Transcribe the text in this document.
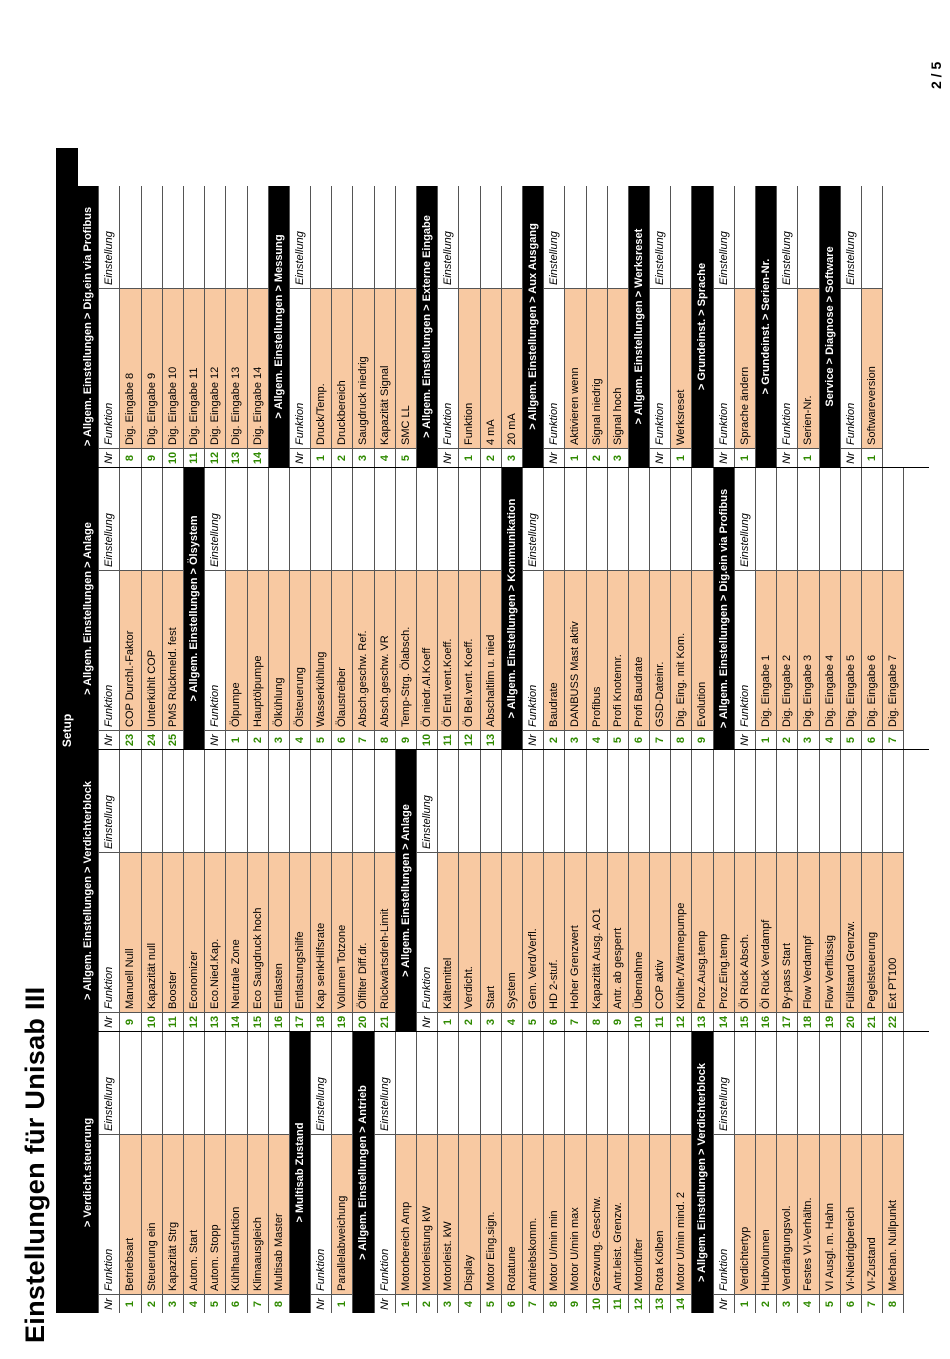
Einstellungen für Unisab III
2 / 5
Setup
> Verdicht.steuerung
Nr
Funktion
Einstellung
1
Betriebsart
2
Steuerung ein
3
Kapazität Strg
4
Autom. Start
5
Autom. Stopp
6
Kühlhausfunktion
7
Klimaausgleich
8
Multisab Master
> Multisab Zustand
Nr
Funktion
Einstellung
1
Parallelabweichung > Allgem. Einstellungen > Antrieb
Nr
Funktion
Einstellung
1
Motorbereich Amp
2
Motorleistung kW
3
Motorleist. kW
4
Display
5
Motor Eing.sign.
6
Rotatune
7
Antriebskomm.
8
Motor U/min min
9
Motor U/min max
10
Gezwung. Geschw.
11
Antr.leist. Grenzw.
12
Motorlüfter
13
Rota Kolben
14
Motor U/min mind. 2 > Allgem. Einstellungen > Verdichterblock
Nr
Funktion
Einstellung
1
Verdichtertyp
2
Hubvolumen
3
Verdrängungsvol.
4
Festes VI-Verhältn.
5
VI Ausgl. m. Hahn
6
Vi-Niedrigbereich
7
VI-Zustand
8
Mechan. Nullpunkt
> Allgem. Einstellungen > Verdichterblock
Nr
Funktion
Einstellung
9
Manuell Null
10
Kapazität null
11
Booster
12
Economizer
13
Eco.Nied.Kap.
14
Neutrale Zone
15
Eco Saugdruck hoch
16
Entlasten
17
Entlastungshilfe
18
Kap senkHilfsrate
19
Volumen Totzone
20
Ölfilter Diff.dr.
21
Rückwärtsdreh-Limit > Allgem. Einstellungen > Anlage
Nr
Funktion
Einstellung
1
Kältemittel
2
Verdicht.
3
Start
4
System
5
Gem. Verd/Verfl.
6
HD 2-stuf.
7
Hoher Grenzwert
8
Kapazität Ausg. AO1
9
Antr. ab gesperrt
10
Übernahme
11
COP aktiv
12
Kühler./Wärmepumpe
13
Proz.Ausg.temp
14
Proz.Eing.temp
15
Öl Rück Absch.
16
Öl Rück Verdampf
17
By-pass Start
18
Flow Verdampf
19
Flow Verflüssig
20
Füllstand Grenzw.
21
Pegelsteuerung
22
Ext PT100
> Allgem. Einstellungen > Anlage
Nr
Funktion
Einstellung
23
COP Durchl.-Faktor
24
Unterkühlt COP
25
PMS Rückmeld. fest > Allgem. Einstellungen > Ölsystem
Nr
Funktion
Einstellung
1
Ölpumpe
2
Hauptölpumpe
3
Ölkühlung
4
Ölsteuerung
5
Wasserkühlung
6
Ölaustreiber
7
Absch.geschw. Ref.
8
Absch.geschw. VR
9
Temp-Strg. Ölabsch.
10
Öl niedr.Al.Koeff
11
Öl Entl.vent.Koeff.
12
Öl Bel.vent. Koeff.
13
Abschaltlim u. nied > Allgem. Einstellungen > Kommunikation
Nr
Funktion
Einstellung
2
Baudrate
3
DANBUSS Mast aktiv
4
Profibus
5
Profi Knotennr.
6
Profi Baudrate
7
GSD-Dateinr.
8
Dig. Eing. mit Kom.
9
Evolution > Allgem. Einstellungen > Dig.ein via Profibus
Nr
Funktion
Einstellung
1
Dig. Eingabe 1
2
Dig. Eingabe 2
3
Dig. Eingabe 3
4
Dig. Eingabe 4
5
Dig. Eingabe 5
6
Dig. Eingabe 6
7
Dig. Eingabe 7
> Allgem. Einstellungen > Dig.ein via Profibus
Nr
Funktion
Einstellung
8
Dig. Eingabe 8
9
Dig. Eingabe 9
10
Dig. Eingabe 10
11
Dig. Eingabe 11
12
Dig. Eingabe 12
13
Dig. Eingabe 13
14
Dig. Eingabe 14 > Allgem. Einstellungen > Messung
Nr
Funktion
Einstellung
1
Druck/Temp.
2
Druckbereich
3
Saugdruck niedrig
4
Kapazität Signal
5
SMC LL > Allgem. Einstellungen > Externe Eingabe
Nr
Funktion
Einstellung
1
Funktion
2
4 mA
3
20 mA > Allgem. Einstellungen > Aux Ausgang
Nr
Funktion
Einstellung
1
Aktivieren wenn
2
Signal niedrig
3
Signal hoch > Allgem. Einstellungen > Werksreset
Nr
Funktion
Einstellung
1
Werksreset
> Grundeinst. > Sprache
Nr
Funktion
Einstellung
1
Sprache ändern
> Grundeinst. > Serien-Nr.
Nr
Funktion
Einstellung
1
Serien-Nr.
Service > Diagnose > Software
Nr
Funktion
Einstellung
1
Softwareversion
